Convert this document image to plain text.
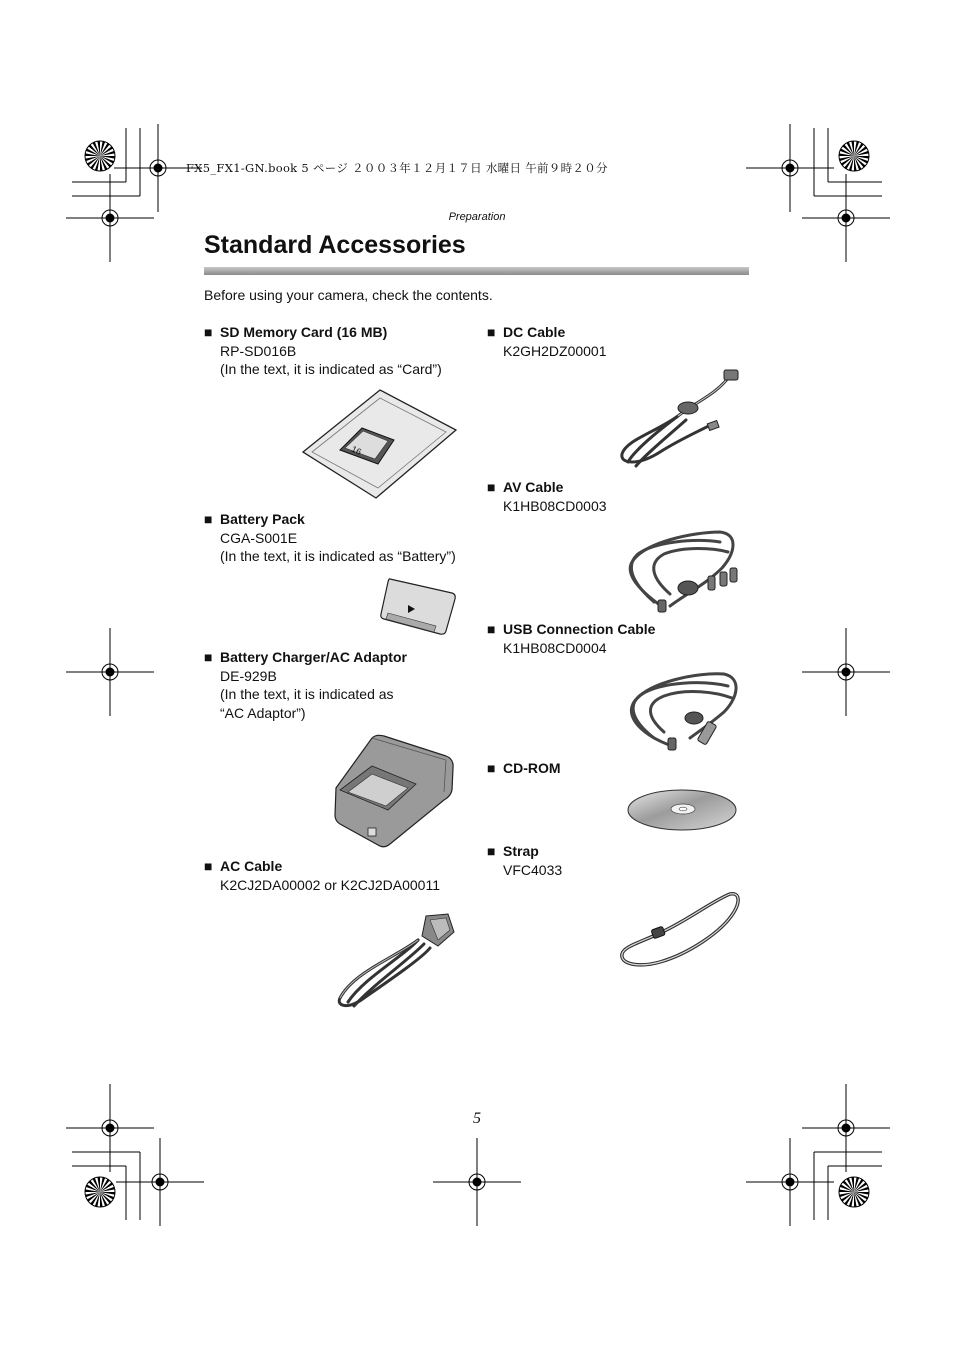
FX5_FX1-GN.book 5 ページ ２００３年１２月１７日 水曜日 午前９時２０分
Preparation
Standard Accessories
Before using your camera, check the contents.
■ SD Memory Card (16 MB)
RP-SD016B
(In the text, it is indicated as “Card”)
■ Battery Pack
CGA-S001E
(In the text, it is indicated as “Battery”)
■ Battery Charger/AC Adaptor
DE-929B
(In the text, it is indicated as
“AC Adaptor”)
■ AC Cable
K2CJ2DA00002 or K2CJ2DA00011
■ DC Cable
K2GH2DZ00001
■ AV Cable
K1HB08CD0003
■ USB Connection Cable
K1HB08CD0004
■ CD-ROM
■ Strap
VFC4033
16
5
